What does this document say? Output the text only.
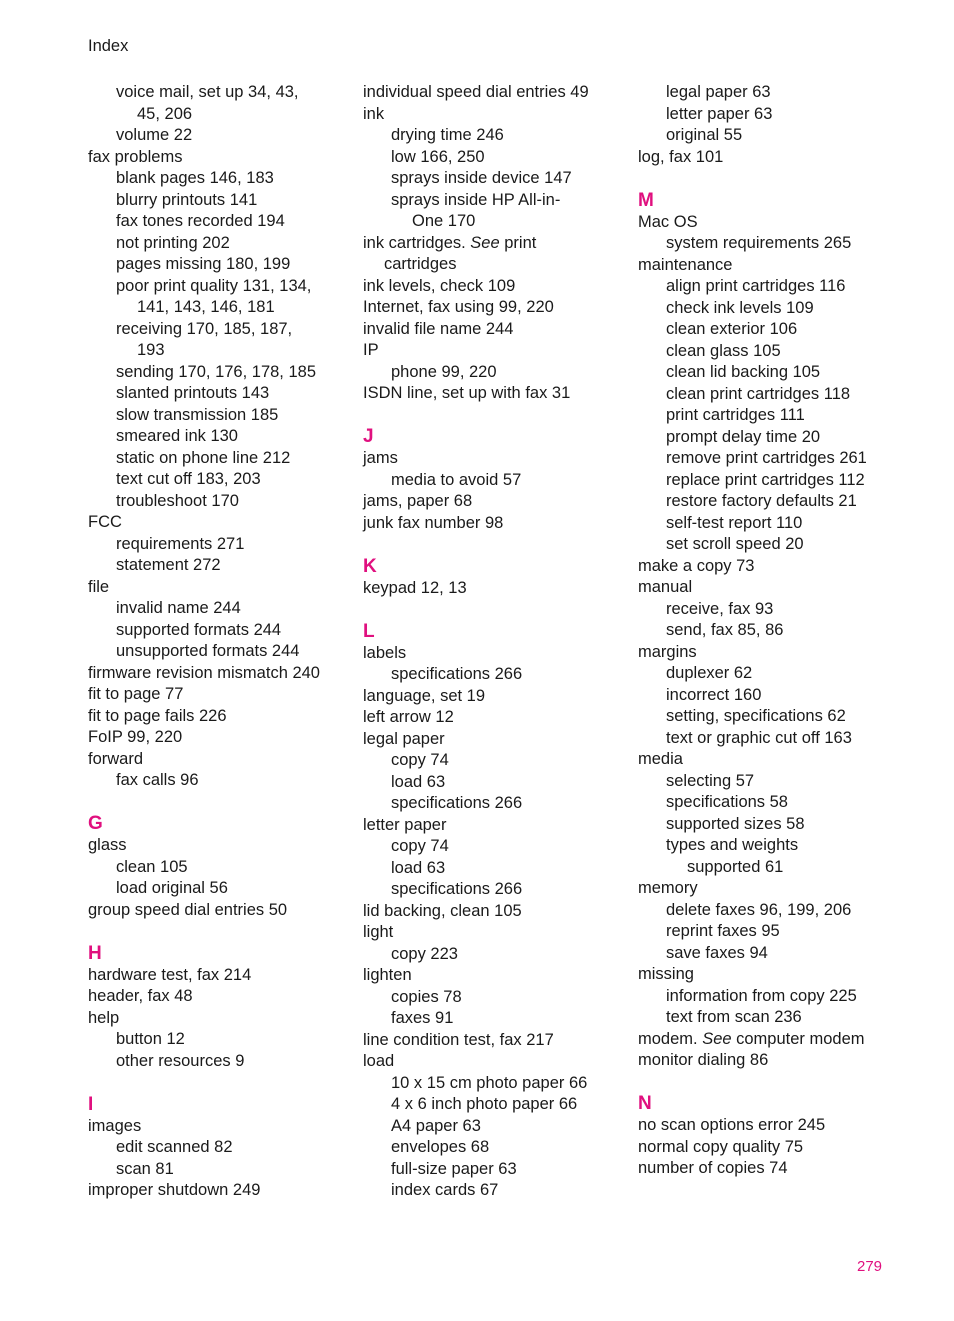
Index
voice mail, set up 34, 43,
45, 206
volume 22
fax problems
blank pages 146, 183
blurry printouts 141
fax tones recorded 194
not printing 202
pages missing 180, 199
poor print quality 131, 134,
141, 143, 146, 181
receiving 170, 185, 187,
193
sending 170, 176, 178, 185
slanted printouts 143
slow transmission 185
smeared ink 130
static on phone line 212
text cut off 183, 203
troubleshoot 170
FCC
requirements 271
statement 272
file
invalid name 244
supported formats 244
unsupported formats 244
firmware revision mismatch 240
fit to page 77
fit to page fails 226
FoIP 99, 220
forward
fax calls 96
G
glass
clean 105
load original 56
group speed dial entries 50
H
hardware test, fax 214
header, fax 48
help
button 12
other resources 9
I
images
edit scanned 82
scan 81
improper shutdown 249
individual speed dial entries 49
ink
drying time 246
low 166, 250
sprays inside device 147
sprays inside HP All-in-
One 170
ink cartridges. See print
cartridges
ink levels, check 109
Internet, fax using 99, 220
invalid file name 244
IP
phone 99, 220
ISDN line, set up with fax 31
J
jams
media to avoid 57
jams, paper 68
junk fax number 98
K
keypad 12, 13
L
labels
specifications 266
language, set 19
left arrow 12
legal paper
copy 74
load 63
specifications 266
letter paper
copy 74
load 63
specifications 266
lid backing, clean 105
light
copy 223
lighten
copies 78
faxes 91
line condition test, fax 217
load
10 x 15 cm photo paper 66
4 x 6 inch photo paper 66
A4 paper 63
envelopes 68
full-size paper 63
index cards 67
legal paper 63
letter paper 63
original 55
log, fax 101
M
Mac OS
system requirements 265
maintenance
align print cartridges 116
check ink levels 109
clean exterior 106
clean glass 105
clean lid backing 105
clean print cartridges 118
print cartridges 111
prompt delay time 20
remove print cartridges 261
replace print cartridges 112
restore factory defaults 21
self-test report 110
set scroll speed 20
make a copy 73
manual
receive, fax 93
send, fax 85, 86
margins
duplexer 62
incorrect 160
setting, specifications 62
text or graphic cut off 163
media
selecting 57
specifications 58
supported sizes 58
types and weights
supported 61
memory
delete faxes 96, 199, 206
reprint faxes 95
save faxes 94
missing
information from copy 225
text from scan 236
modem. See computer modem
monitor dialing 86
N
no scan options error 245
normal copy quality 75
number of copies 74
279
